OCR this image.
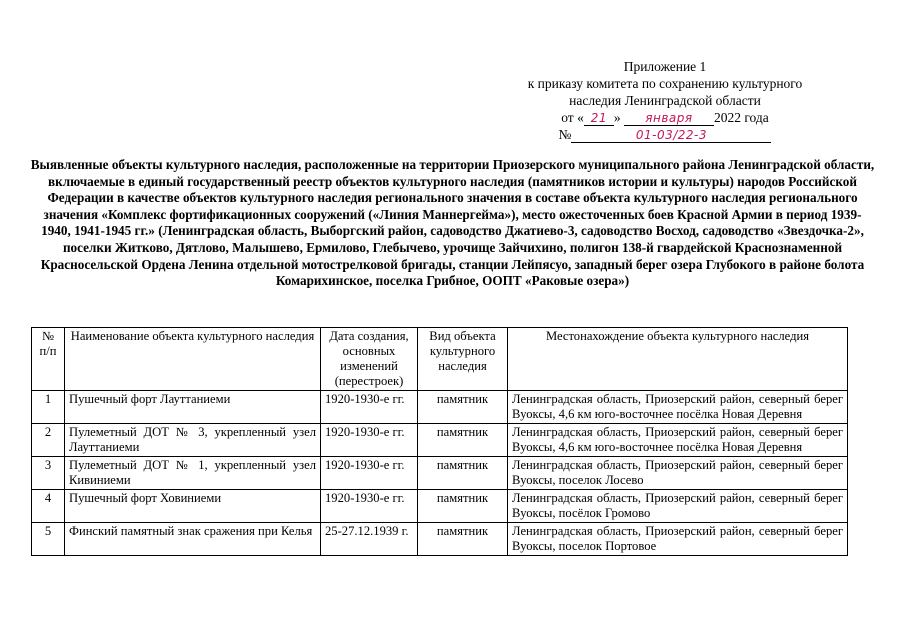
Приложение 1
к приказу комитета по сохранению культурного
наследия Ленинградской области
от « 21 » января 2022 года
№	01-03/22-3
Выявленные объекты культурного наследия, расположенные на территории Приозерского муниципального района Ленинградской области, включаемые в единый государственный реестр объектов культурного наследия (памятников истории и культуры) народов Российской Федерации в качестве объектов культурного наследия регионального значения в составе объекта культурного наследия регионального значения «Комплекс фортификационных сооружений («Линия Маннергейма»), место ожесточенных боев Красной Армии в период 1939-1940, 1941-1945 гг.» (Ленинградская область, Выборгский район, садоводство Джатиево-3, садоводство Восход, садоводство «Звездочка-2», поселки Житково, Дятлово, Малышево, Ермилово, Глебычево, урочище Зайчихино, полигон 138-й гвардейской Краснознаменной Красносельской Ордена Ленина отдельной мотострелковой бригады, станции Лейпясуо, западный берег озера Глубокого в районе болота Комарихинское, поселка Грибное, ООПТ «Раковые озера»)
№ п/п	Наименование объекта культурного наследия	Дата создания, основных изменений (перестроек)	Вид объекта культурного наследия	Местонахождение объекта культурного наследия
1	Пушечный форт Лауттаниеми	1920-1930-е гг.	памятник	Ленинградская область, Приозерский район, северный берег Вуоксы, 4,6 км юго-восточнее посёлка Новая Деревня
2	Пулеметный ДОТ № 3, укрепленный узел Лауттаниеми	1920-1930-е гг.	памятник	Ленинградская область, Приозерский район, северный берег Вуоксы, 4,6 км юго-восточнее посёлка Новая Деревня
3	Пулеметный ДОТ № 1, укрепленный узел Кивиниеми	1920-1930-е гг.	памятник	Ленинградская область, Приозерский район, северный берег Вуоксы, поселок Лосево
4	Пушечный форт Ховиниеми	1920-1930-е гг.	памятник	Ленинградская область, Приозерский район, северный берег Вуоксы, посёлок Громово
5	Финский памятный знак сражения при Келья	25-27.12.1939 г.	памятник	Ленинградская область, Приозерский район, северный берег Вуоксы, поселок Портовое
